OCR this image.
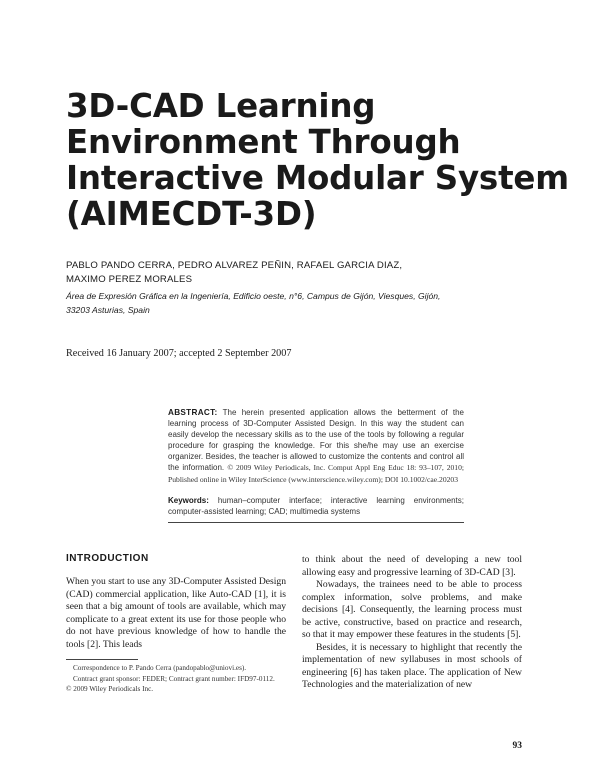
3D-CAD Learning
Environment Through
Interactive Modular System
(AIMECDT-3D)
PABLO PANDO CERRA, PEDRO ALVAREZ PEÑIN, RAFAEL GARCIA DIAZ,
MAXIMO PEREZ MORALES
Área de Expresión Gráfica en la Ingeniería, Edificio oeste, n°6, Campus de Gijón, Viesques, Gijón,
33203 Asturias, Spain
Received 16 January 2007; accepted 2 September 2007
ABSTRACT: The herein presented application allows the betterment of the learning process of 3D-Computer Assisted Design. In this way the student can easily develop the necessary skills as to the use of the tools by following a regular procedure for grasping the knowledge. For this she/he may use an exercise organizer. Besides, the teacher is allowed to customize the contents and control all the information. © 2009 Wiley Periodicals, Inc. Comput Appl Eng Educ 18: 93–107, 2010; Published online in Wiley InterScience (www.interscience.wiley.com); DOI 10.1002/cae.20203
Keywords: human–computer interface; interactive learning environments; computer-assisted learning; CAD; multimedia systems
INTRODUCTION

When you start to use any 3D-Computer Assisted Design (CAD) commercial application, like Auto-CAD [1], it is seen that a big amount of tools are available, which may complicate to a great extent its use for those people who do not have previous knowledge of how to handle the tools [2]. This leads

to think about the need of developing a new tool allowing easy and progressive learning of 3D-CAD [3].

Nowadays, the trainees need to be able to process complex information, solve problems, and make decisions [4]. Consequently, the learning process must be active, constructive, based on practice and research, so that it may empower these features in the students [5].

Besides, it is necessary to highlight that recently the implementation of new syllabuses in most schools of engineering [6] has taken place. The application of New Technologies and the materialization of new

Correspondence to P. Pando Cerra (pandopablo@uniovi.es).
Contract grant sponsor: FEDER; Contract grant number: IFD97-0112.
© 2009 Wiley Periodicals Inc.
93
